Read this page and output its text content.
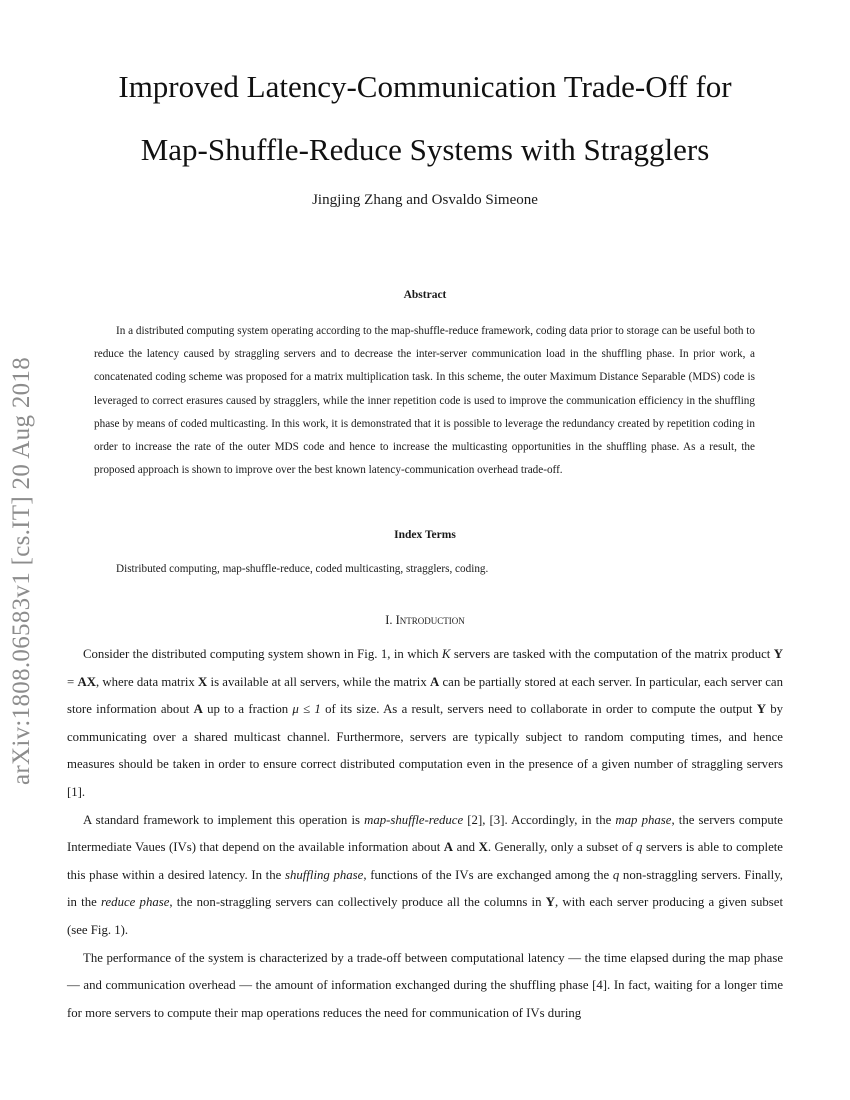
arXiv:1808.06583v1 [cs.IT] 20 Aug 2018
Improved Latency-Communication Trade-Off for
Map-Shuffle-Reduce Systems with Stragglers
Jingjing Zhang and Osvaldo Simeone
Abstract

In a distributed computing system operating according to the map-shuffle-reduce framework, coding data prior to storage can be useful both to reduce the latency caused by straggling servers and to decrease the inter-server communication load in the shuffling phase. In prior work, a concatenated coding scheme was proposed for a matrix multiplication task. In this scheme, the outer Maximum Distance Separable (MDS) code is leveraged to correct erasures caused by stragglers, while the inner repetition code is used to improve the communication efficiency in the shuffling phase by means of coded multicasting. In this work, it is demonstrated that it is possible to leverage the redundancy created by repetition coding in order to increase the rate of the outer MDS code and hence to increase the multicasting opportunities in the shuffling phase. As a result, the proposed approach is shown to improve over the best known latency-communication overhead trade-off.

Index Terms
Distributed computing, map-shuffle-reduce, coded multicasting, stragglers, coding.
I. Introduction

Consider the distributed computing system shown in Fig. 1, in which K servers are tasked with the computation of the matrix product Y = AX, where data matrix X is available at all servers, while the matrix A can be partially stored at each server. In particular, each server can store information about A up to a fraction μ ≤ 1 of its size. As a result, servers need to collaborate in order to compute the output Y by communicating over a shared multicast channel. Furthermore, servers are typically subject to random computing times, and hence measures should be taken in order to ensure correct distributed computation even in the presence of a given number of straggling servers [1].

A standard framework to implement this operation is map-shuffle-reduce [2], [3]. Accordingly, in the map phase, the servers compute Intermediate Vaues (IVs) that depend on the available information about A and X. Generally, only a subset of q servers is able to complete this phase within a desired latency. In the shuffling phase, functions of the IVs are exchanged among the q non-straggling servers. Finally, in the reduce phase, the non-straggling servers can collectively produce all the columns in Y, with each server producing a given subset (see Fig. 1).

The performance of the system is characterized by a trade-off between computational latency — the time elapsed during the map phase — and communication overhead — the amount of information exchanged during the shuffling phase [4]. In fact, waiting for a longer time for more servers to compute their map operations reduces the need for communication of IVs during
